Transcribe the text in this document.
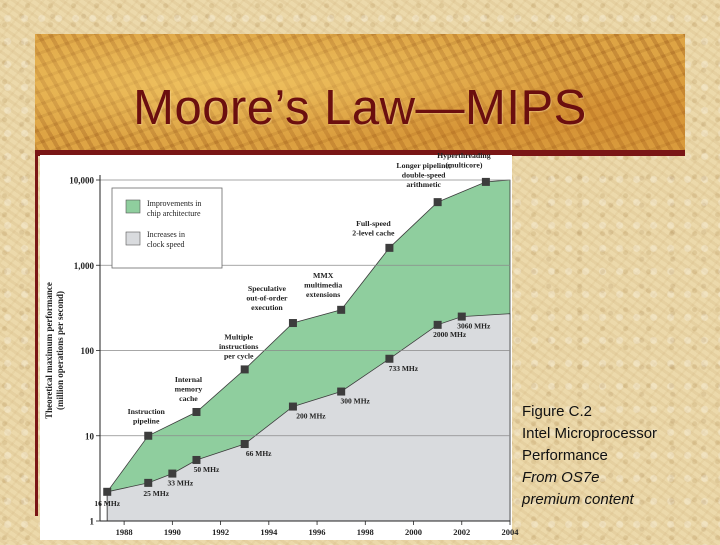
Moore’s Law—MIPS
1
10
100
1,000
10,000
1988	1990	1992	1994	1996	1998	2000	2002	2004
Theoretical maximum performance (million operations per second)
Instruction
pipeline
Internal
memory
cache
Multiple
instructions
per cycle
Speculative
out-of-order
execution
MMX
multimedia
extensions
Full-speed
2-level cache
Longer pipeline,
double-speed
arithmetic
Hyperthreading
(multicore)
16 MHz
25 MHz
33 MHz
50 MHz
66 MHz
200 MHz
300 MHz
733 MHz
2000 MHz
3060 MHz
Improvements in
chip architecture
Increases in
clock speed
Figure C.2
Intel Microprocessor
Performance
From OS7e
premium content
